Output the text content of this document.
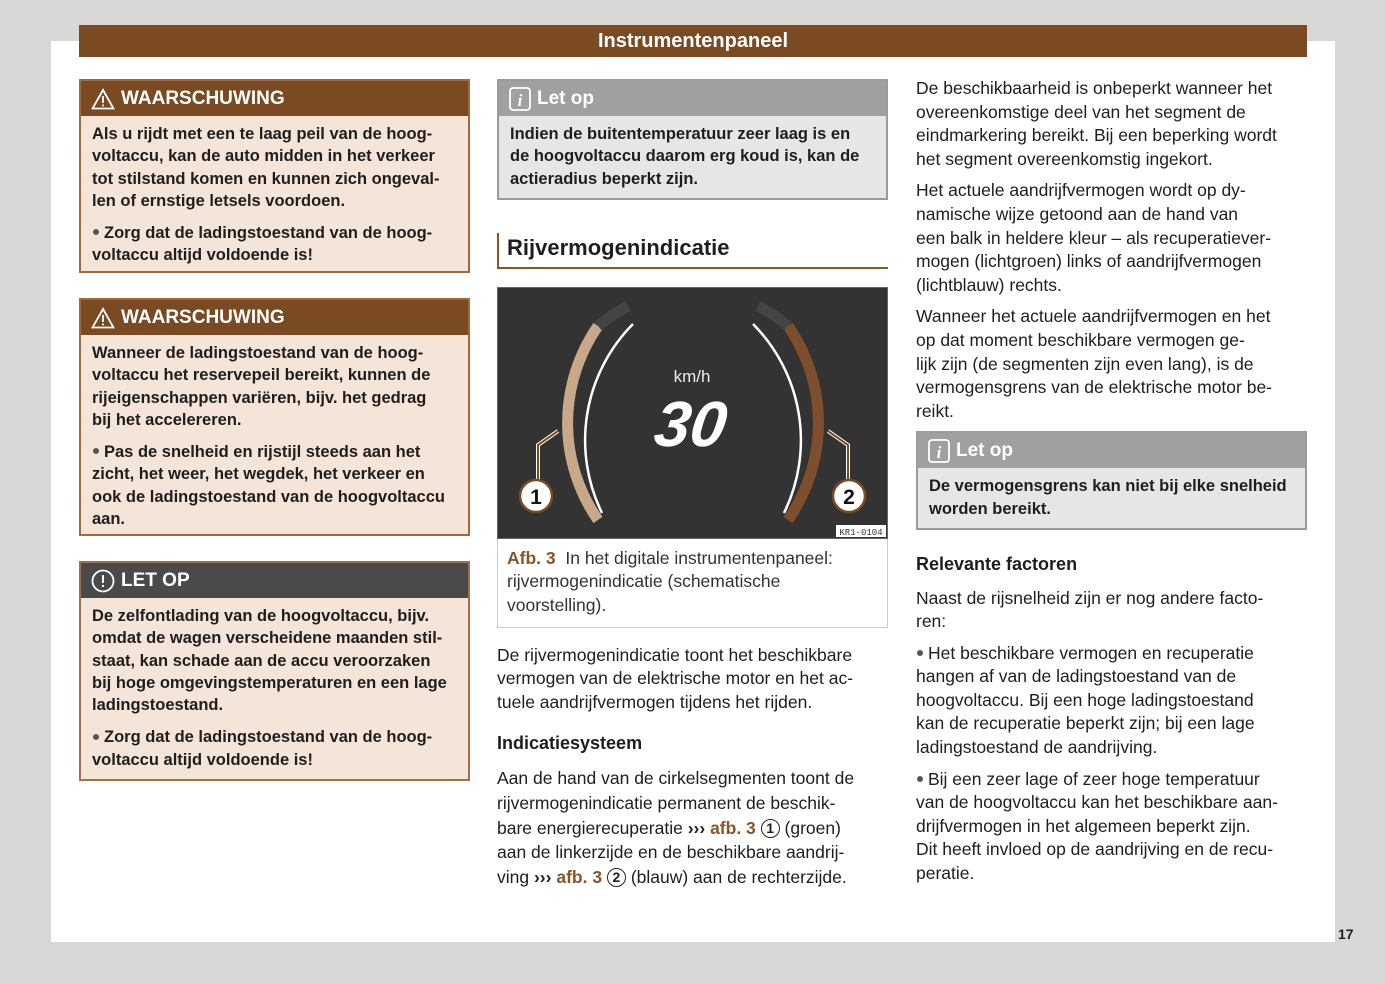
Instrumentenpaneel
WAARSCHUWING

Als u rijdt met een te laag peil van de hoog-
voltaccu, kan de auto midden in het verkeer
tot stilstand komen en kunnen zich ongeval-
len of ernstige letsels voordoen.

Zorg dat de ladingstoestand van de hoog-
voltaccu altijd voldoende is!

WAARSCHUWING

Wanneer de ladingstoestand van de hoog-
voltaccu het reservepeil bereikt, kunnen de
rijeigenschappen variëren, bijv. het gedrag
bij het accelereren.

Pas de snelheid en rijstijl steeds aan het
zicht, het weer, het wegdek, het verkeer en
ook de ladingstoestand van de hoogvoltaccu
aan.

LET OP

De zelfontlading van de hoogvoltaccu, bijv.
omdat de wagen verscheidene maanden stil-
staat, kan schade aan de accu veroorzaken
bij hoge omgevingstemperaturen en een lage
ladingstoestand.

Zorg dat de ladingstoestand van de hoog-
voltaccu altijd voldoende is!

i Let op

Indien de buitentemperatuur zeer laag is en
de hoogvoltaccu daarom erg koud is, kan de
actieradius beperkt zijn.

Rijvermogenindicatie
1	2
km/h
30
KR1-0104
Afb. 3 In het digitale instrumentenpaneel:
rijvermogenindicatie (schematische
voorstelling).

De rijvermogenindicatie toont het beschikbare
vermogen van de elektrische motor en het ac-
tuele aandrijfvermogen tijdens het rijden.

Indicatiesysteem

Aan de hand van de cirkelsegmenten toont de
rijvermogenindicatie permanent de beschik-
bare energierecuperatie ››› afb. 3 1 (groen)
aan de linkerzijde en de beschikbare aandrij-
ving ››› afb. 3 2 (blauw) aan de rechterzijde.

De beschikbaarheid is onbeperkt wanneer het
overeenkomstige deel van het segment de
eindmarkering bereikt. Bij een beperking wordt
het segment overeenkomstig ingekort.

Het actuele aandrijfvermogen wordt op dy-
namische wijze getoond aan de hand van
een balk in heldere kleur – als recuperatiever-
mogen (lichtgroen) links of aandrijfvermogen
(lichtblauw) rechts.

Wanneer het actuele aandrijfvermogen en het
op dat moment beschikbare vermogen ge-
lijk zijn (de segmenten zijn even lang), is de
vermogensgrens van de elektrische motor be-
reikt.

i Let op

De vermogensgrens kan niet bij elke snelheid
worden bereikt.

Relevante factoren

Naast de rijsnelheid zijn er nog andere facto-
ren:

Het beschikbare vermogen en recuperatie
hangen af van de ladingstoestand van de
hoogvoltaccu. Bij een hoge ladingstoestand
kan de recuperatie beperkt zijn; bij een lage
ladingstoestand de aandrijving.

Bij een zeer lage of zeer hoge temperatuur
van de hoogvoltaccu kan het beschikbare aan-
drijfvermogen in het algemeen beperkt zijn.
Dit heeft invloed op de aandrijving en de recu-
peratie.

17
